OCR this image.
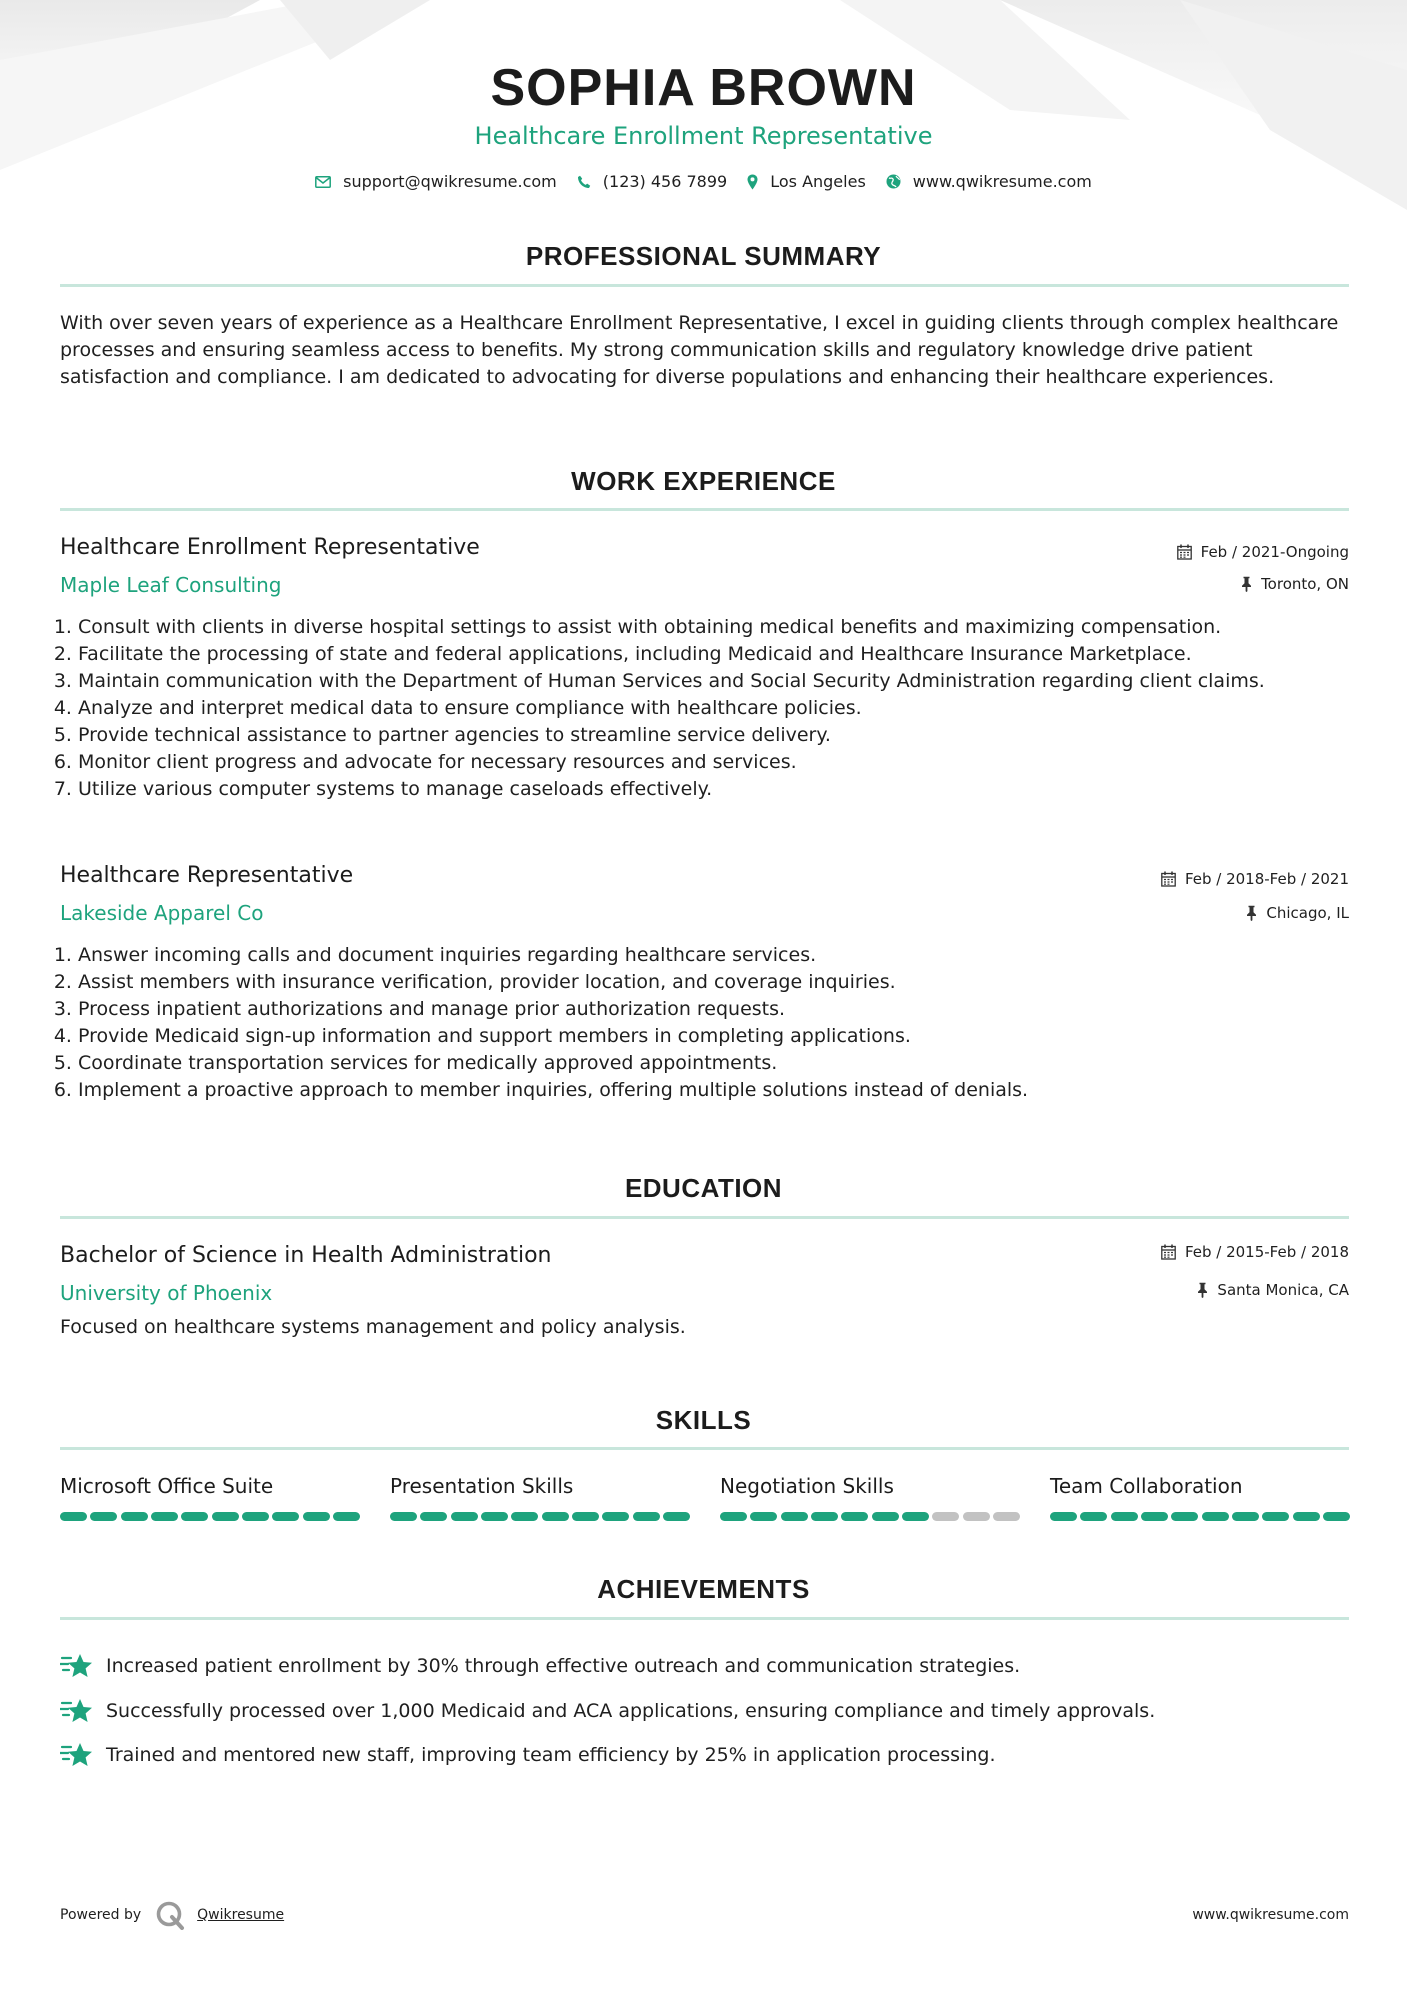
SOPHIA BROWN
Healthcare Enrollment Representative
support@qwikresume.com	(123) 456 7899	Los Angeles	www.qwikresume.com
PROFESSIONAL SUMMARY
With over seven years of experience as a Healthcare Enrollment Representative, I excel in guiding clients through complex healthcare processes and ensuring seamless access to benefits. My strong communication skills and regulatory knowledge drive patient satisfaction and compliance. I am dedicated to advocating for diverse populations and enhancing their healthcare experiences.
WORK EXPERIENCE
Healthcare Enrollment Representative	Feb / 2021-Ongoing
Maple Leaf Consulting	Toronto, ON
1. Consult with clients in diverse hospital settings to assist with obtaining medical benefits and maximizing compensation.
2. Facilitate the processing of state and federal applications, including Medicaid and Healthcare Insurance Marketplace.
3. Maintain communication with the Department of Human Services and Social Security Administration regarding client claims.
4. Analyze and interpret medical data to ensure compliance with healthcare policies.
5. Provide technical assistance to partner agencies to streamline service delivery.
6. Monitor client progress and advocate for necessary resources and services.
7. Utilize various computer systems to manage caseloads effectively.
Healthcare Representative	Feb / 2018-Feb / 2021
Lakeside Apparel Co	Chicago, IL
1. Answer incoming calls and document inquiries regarding healthcare services.
2. Assist members with insurance verification, provider location, and coverage inquiries.
3. Process inpatient authorizations and manage prior authorization requests.
4. Provide Medicaid sign-up information and support members in completing applications.
5. Coordinate transportation services for medically approved appointments.
6. Implement a proactive approach to member inquiries, offering multiple solutions instead of denials.
EDUCATION
Bachelor of Science in Health Administration	Feb / 2015-Feb / 2018
University of Phoenix	Santa Monica, CA
Focused on healthcare systems management and policy analysis.
SKILLS
Microsoft Office Suite	Presentation Skills	Negotiation Skills	Team Collaboration
ACHIEVEMENTS
Increased patient enrollment by 30% through effective outreach and communication strategies.
Successfully processed over 1,000 Medicaid and ACA applications, ensuring compliance and timely approvals.
Trained and mentored new staff, improving team efficiency by 25% in application processing.
Powered by	Qwikresume	www.qwikresume.com
